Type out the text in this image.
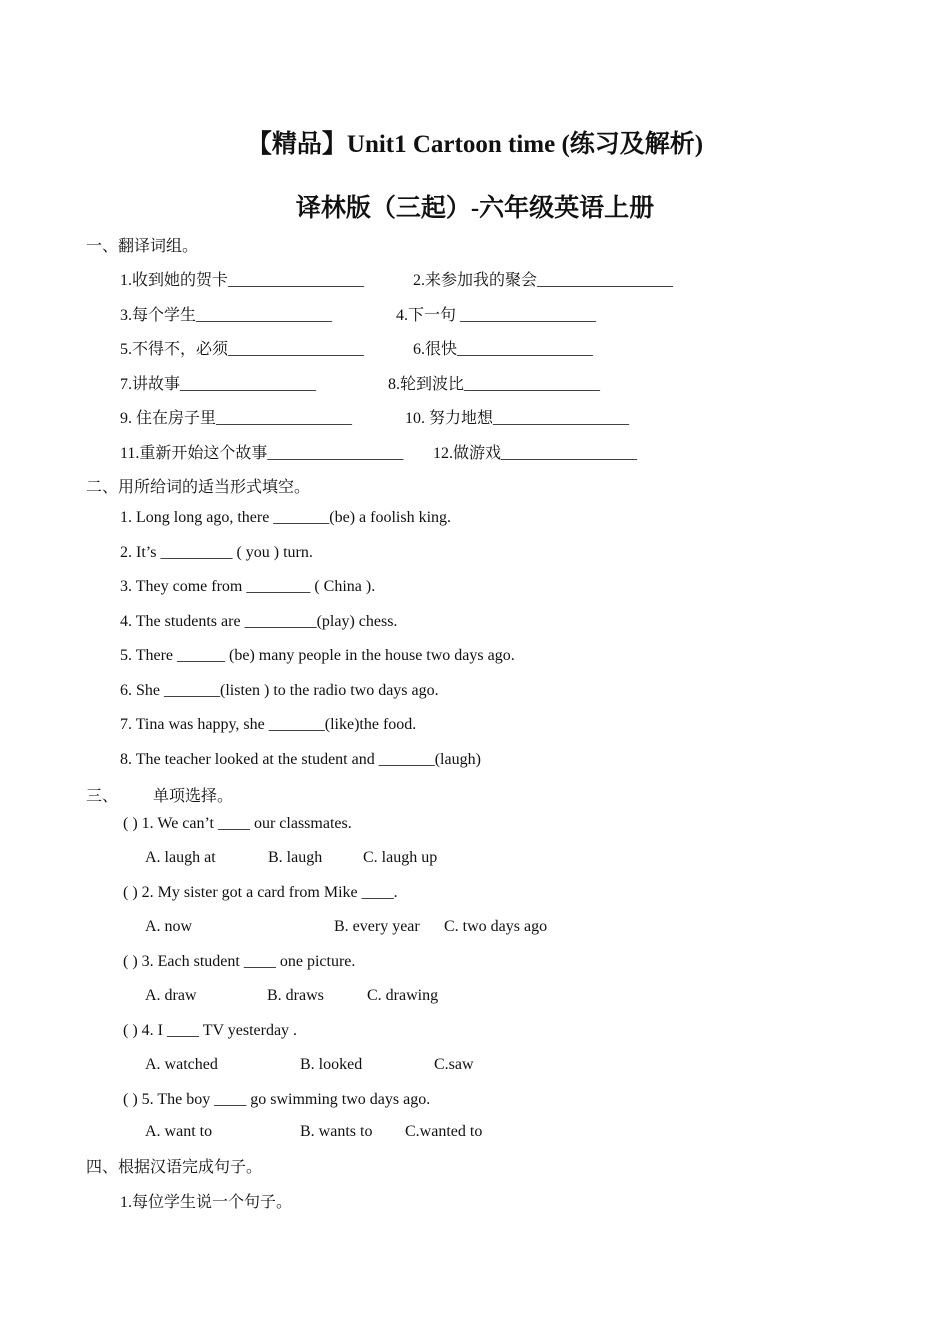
【精品】Unit1 Cartoon time (练习及解析)
译林版（三起）-六年级英语上册
一、翻译词组。
1.收到她的贺卡_________________	2.来参加我的聚会_________________
3.每个学生_________________	4.下一句 _________________
5.不得不，必须_________________	6.很快_________________
7.讲故事_________________	8.轮到波比_________________
9. 住在房子里_________________	10. 努力地想_________________
11.重新开始这个故事_________________ 12.做游戏_________________
二、用所给词的适当形式填空。
1. Long long ago, there _______(be) a foolish king.
2. It’s _________ ( you ) turn.
3. They come from ________ ( China ).
4. The students are _________(play) chess.
5. There ______ (be) many people in the house two days ago.
6. She _______(listen ) to the radio two days ago.
7. Tina was happy, she _______(like)the food.
8. The teacher looked at the student and _______(laugh)
三、 单项选择。
( ) 1. We can’t ____ our classmates.
A. laugh at	B. laugh	C. laugh up
( ) 2. My sister got a card from Mike ____.
A. now	B. every year C. two days ago
( ) 3. Each student ____ one picture.
A. draw	B. draws	C. drawing
( ) 4. I ____ TV yesterday .
A. watched	B. looked	C.saw
( ) 5. The boy ____ go swimming two days ago.
A. want to	B. wants to C.wanted to
四、根据汉语完成句子。
1.每位学生说一个句子。
